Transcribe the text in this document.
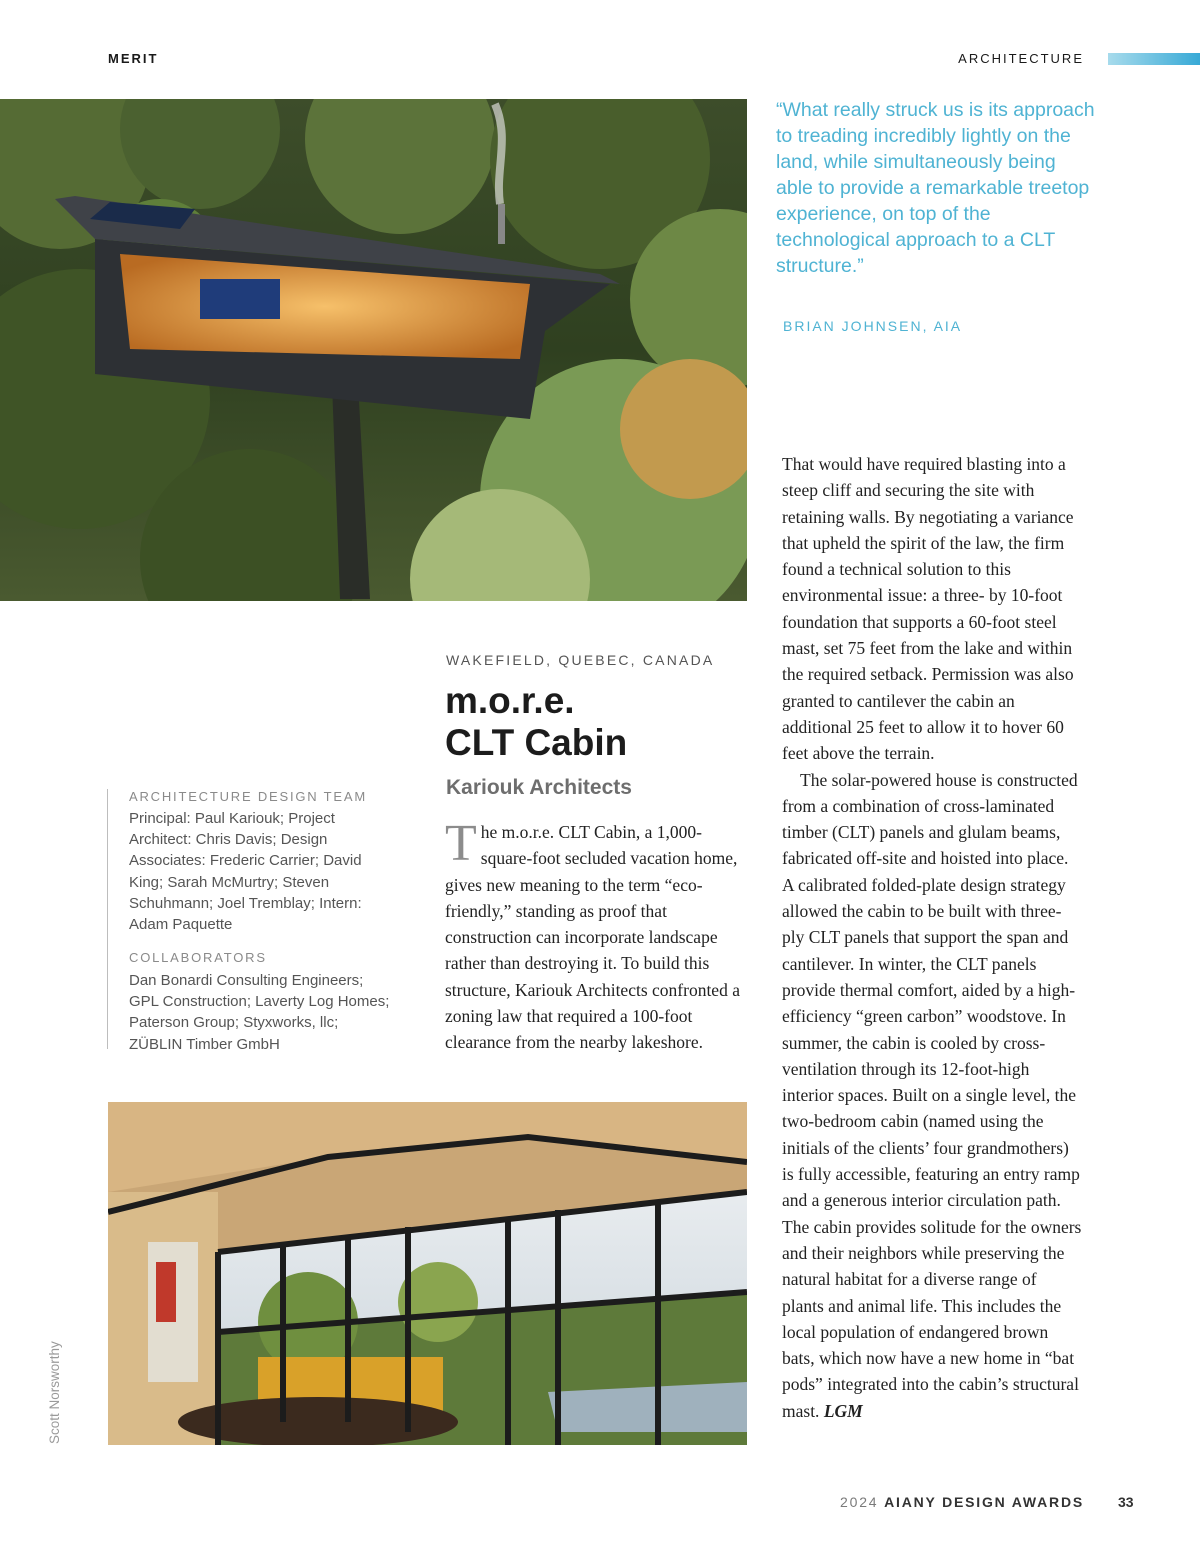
MERIT	ARCHITECTURE
“What really struck us is its approach to treading incredibly lightly on the land, while simultaneously being able to provide a remarkable treetop experience, on top of the technological approach to a CLT structure.”
BRIAN JOHNSEN, AIA
WAKEFIELD, QUEBEC, CANADA
m.o.r.e.
CLT Cabin
Kariouk Architects
ARCHITECTURE DESIGN TEAM
Principal: Paul Kariouk; Project Architect: Chris Davis; Design Associates: Frederic Carrier; David King; Sarah McMurtry; Steven Schuhmann; Joel Tremblay; Intern: Adam Paquette
COLLABORATORS
Dan Bonardi Consulting Engineers; GPL Construction; Laverty Log Homes; Paterson Group; Styxworks, llc; ZÜBLIN Timber GmbH
The m.o.r.e. CLT Cabin, a 1,000-square-foot secluded vacation home, gives new meaning to the term “eco-friendly,” standing as proof that construction can incorporate landscape rather than destroying it. To build this structure, Kariouk Architects confronted a zoning law that required a 100-foot clearance from the nearby lakeshore.

That would have required blasting into a steep cliff and securing the site with retaining walls. By negotiating a variance that upheld the spirit of the law, the firm found a technical solution to this environmental issue: a three- by 10-foot foundation that supports a 60-foot steel mast, set 75 feet from the lake and within the required setback. Permission was also granted to cantilever the cabin an additional 25 feet to allow it to hover 60 feet above the terrain.

The solar-powered house is constructed from a combination of cross-laminated timber (CLT) panels and glulam beams, fabricated off-site and hoisted into place. A calibrated folded-plate design strategy allowed the cabin to be built with three-ply CLT panels that support the span and cantilever. In winter, the CLT panels provide thermal comfort, aided by a high-efficiency “green carbon” woodstove. In summer, the cabin is cooled by cross-ventilation through its 12-foot-high interior spaces. Built on a single level, the two-bedroom cabin (named using the initials of the clients’ four grandmothers) is fully accessible, featuring an entry ramp and a generous interior circulation path. The cabin provides solitude for the owners and their neighbors while preserving the natural habitat for a diverse range of plants and animal life. This includes the local population of endangered brown bats, which now have a new home in “bat pods” integrated into the cabin’s structural mast. LGM

Scott Norsworthy
2024 AIANY DESIGN AWARDS 33
